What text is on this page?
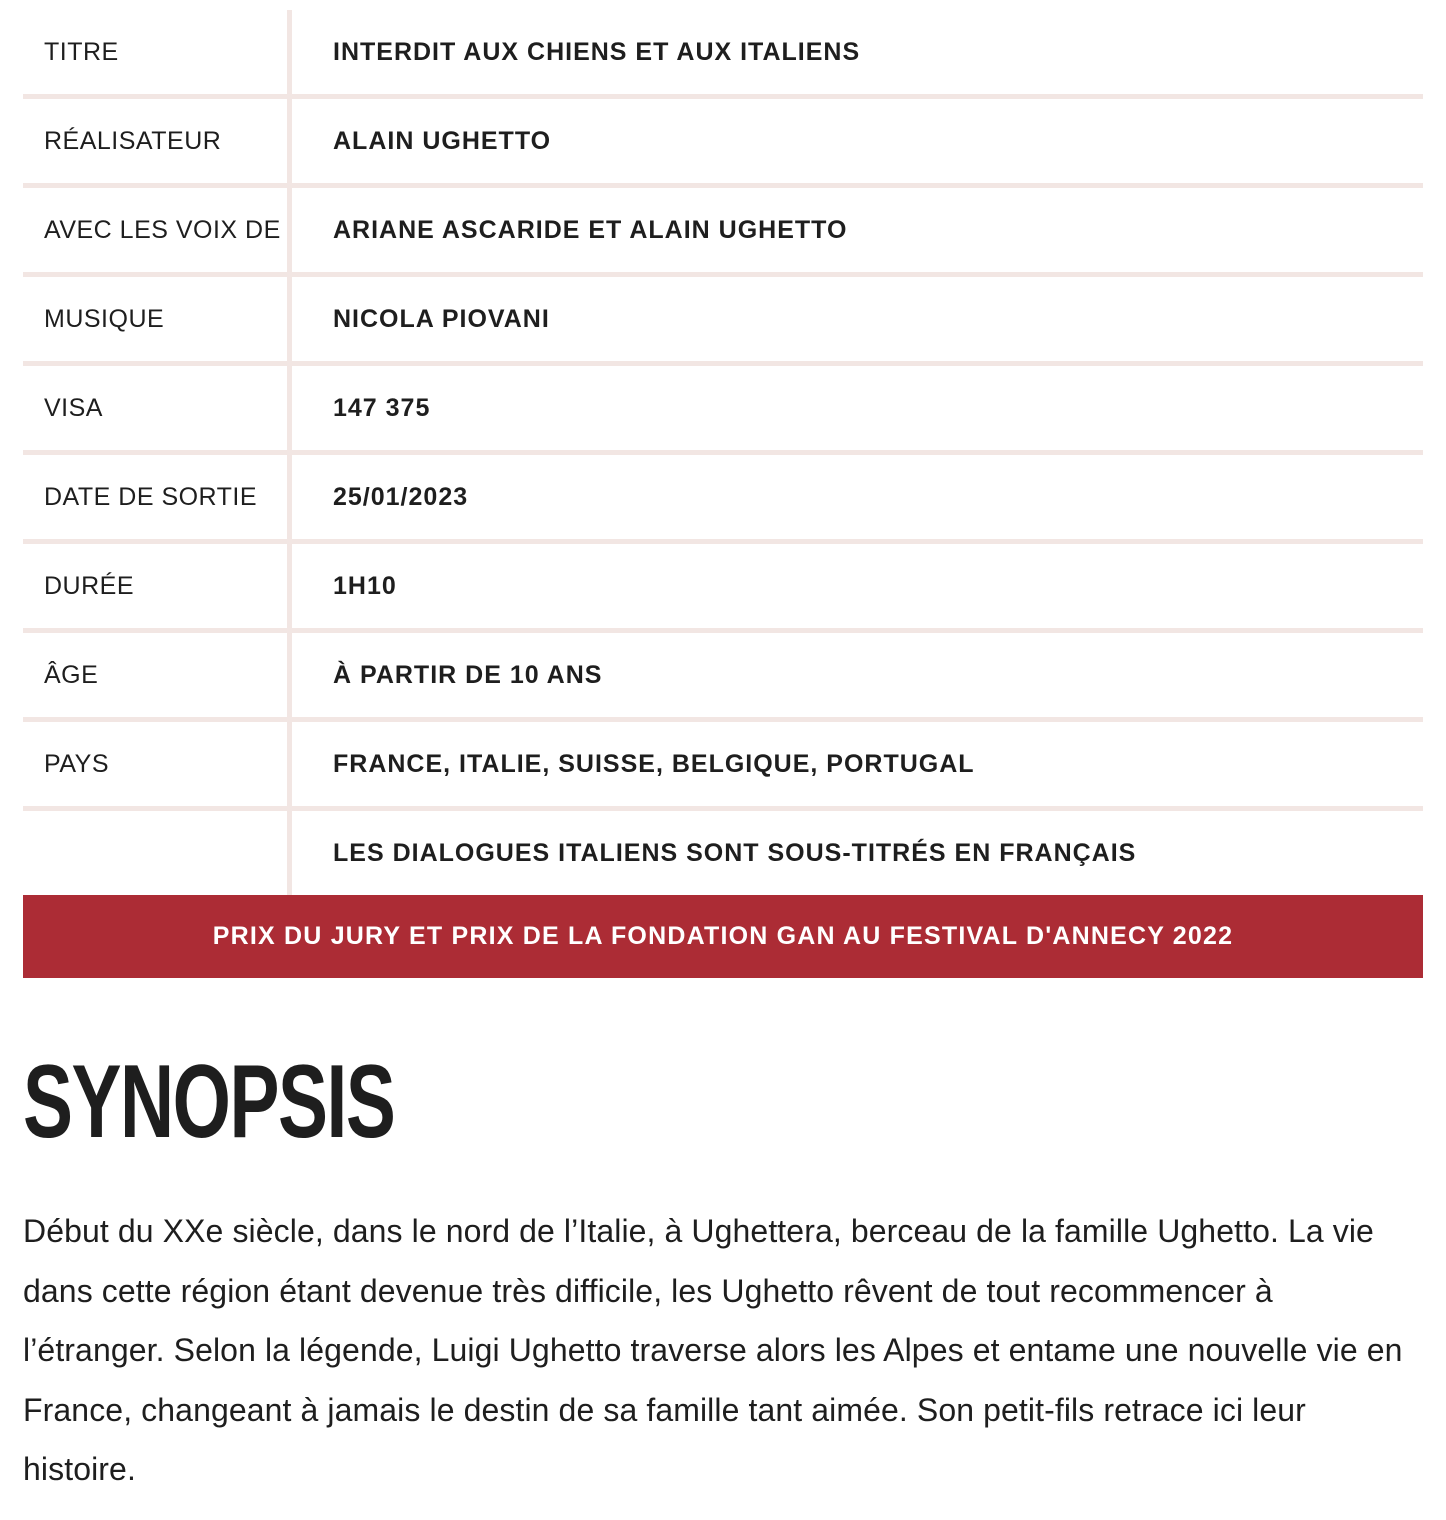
TITRE	INTERDIT AUX CHIENS ET AUX ITALIENS
RÉALISATEUR	ALAIN UGHETTO
AVEC LES VOIX DE	ARIANE ASCARIDE ET ALAIN UGHETTO
MUSIQUE	NICOLA PIOVANI
VISA	147 375
DATE DE SORTIE	25/01/2023
DURÉE	1H10
ÂGE	À PARTIR DE 10 ANS
PAYS	FRANCE, ITALIE, SUISSE, BELGIQUE, PORTUGAL
LES DIALOGUES ITALIENS SONT SOUS-TITRÉS EN FRANÇAIS
PRIX DU JURY ET PRIX DE LA FONDATION GAN AU FESTIVAL D'ANNECY 2022
SYNOPSIS

Début du XXe siècle, dans le nord de l’Italie, à Ughettera, berceau de la famille Ughetto. La vie dans cette région étant devenue très difficile, les Ughetto rêvent de tout recommencer à l’étranger. Selon la légende, Luigi Ughetto traverse alors les Alpes et entame une nouvelle vie en France, changeant à jamais le destin de sa famille tant aimée. Son petit-fils retrace ici leur histoire.
